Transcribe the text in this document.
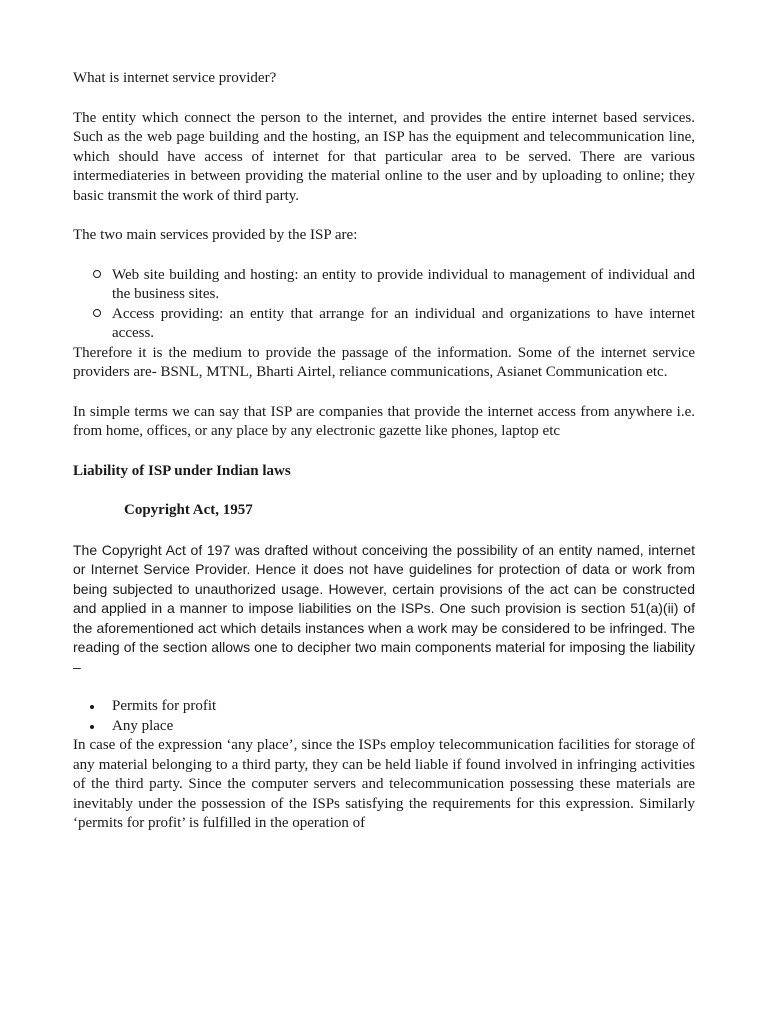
What is internet service provider?

The entity which connect the person to the internet, and provides the entire internet based services. Such as the web page building and the hosting, an ISP has the equipment and telecommunication line, which should have access of internet for that particular area to be served. There are various intermediateries in between providing the material online to the user and by uploading to online; they basic transmit the work of third party.

The two main services provided by the ISP are:

Web site building and hosting: an entity to provide individual to management of individual and the business sites.
Access providing: an entity that arrange for an individual and organizations to have internet access.

Therefore it is the medium to provide the passage of the information. Some of the internet service providers are- BSNL, MTNL, Bharti Airtel, reliance communications, Asianet Communication etc.

In simple terms we can say that ISP are companies that provide the internet access from anywhere i.e. from home, offices, or any place by any electronic gazette like phones, laptop etc

Liability of ISP under Indian laws

Copyright Act, 1957

The Copyright Act of 197 was drafted without conceiving the possibility of an entity named, internet or Internet Service Provider. Hence it does not have guidelines for protection of data or work from being subjected to unauthorized usage. However, certain provisions of the act can be constructed and applied in a manner to impose liabilities on the ISPs. One such provision is section 51(a)(ii) of the aforementioned act which details instances when a work may be considered to be infringed. The reading of the section allows one to decipher two main components material for imposing the liability –

Permits for profit
Any place

In case of the expression ‘any place’, since the ISPs employ telecommunication facilities for storage of any material belonging to a third party, they can be held liable if found involved in infringing activities of the third party. Since the computer servers and telecommunication possessing these materials are inevitably under the possession of the ISPs satisfying the requirements for this expression. Similarly ‘permits for profit’ is fulfilled in the operation of
